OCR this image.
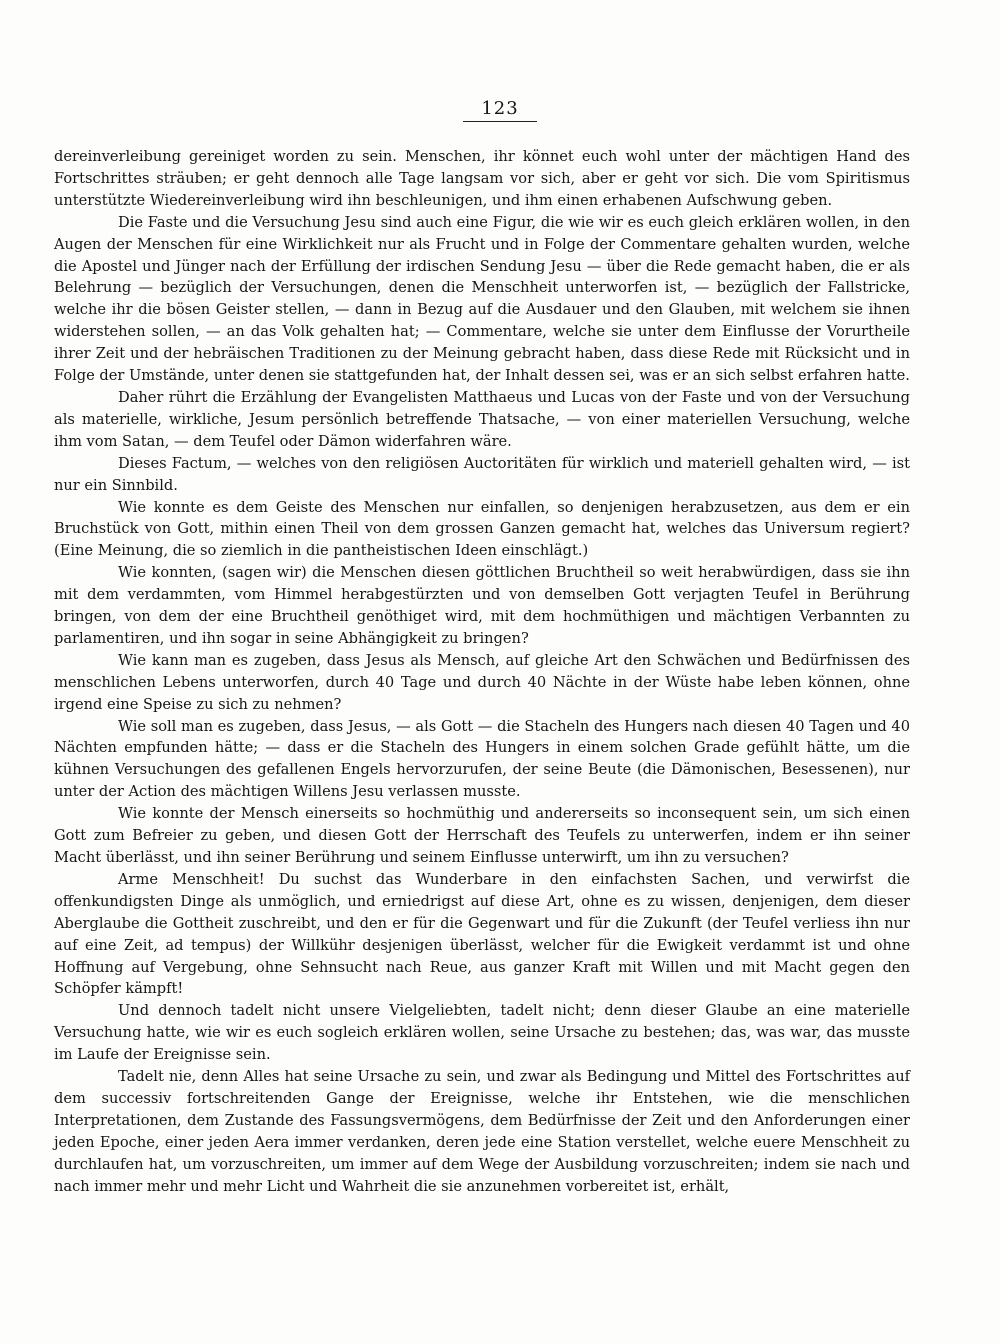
123

dereinverleibung gereiniget worden zu sein. Menschen, ihr könnet euch wohl unter der mächtigen Hand des Fortschrittes sträuben; er geht dennoch alle Tage langsam vor sich, aber er geht vor sich. Die vom Spiritismus unterstützte Wiedereinverleibung wird ihn beschleunigen, und ihm einen erhabenen Aufschwung geben.

Die Faste und die Versuchung Jesu sind auch eine Figur, die wie wir es euch gleich erklären wollen, in den Augen der Menschen für eine Wirklichkeit nur als Frucht und in Folge der Commentare gehalten wurden, welche die Apostel und Jünger nach der Erfüllung der irdischen Sendung Jesu — über die Rede gemacht haben, die er als Belehrung — bezüglich der Versuchungen, denen die Menschheit unterworfen ist, — bezüglich der Fallstricke, welche ihr die bösen Geister stellen, — dann in Bezug auf die Ausdauer und den Glauben, mit welchem sie ihnen widerstehen sollen, — an das Volk gehalten hat; — Commentare, welche sie unter dem Einflusse der Vorurtheile ihrer Zeit und der hebräischen Traditionen zu der Meinung gebracht haben, dass diese Rede mit Rücksicht und in Folge der Umstände, unter denen sie stattgefunden hat, der Inhalt dessen sei, was er an sich selbst erfahren hatte.

Daher rührt die Erzählung der Evangelisten Matthaeus und Lucas von der Faste und von der Versuchung als materielle, wirkliche, Jesum persönlich betreffende Thatsache, — von einer materiellen Versuchung, welche ihm vom Satan, — dem Teufel oder Dämon widerfahren wäre.

Dieses Factum, — welches von den religiösen Auctoritäten für wirklich und materiell gehalten wird, — ist nur ein Sinnbild.

Wie konnte es dem Geiste des Menschen nur einfallen, so denjenigen herabzusetzen, aus dem er ein Bruchstück von Gott, mithin einen Theil von dem grossen Ganzen gemacht hat, welches das Universum regiert? (Eine Meinung, die so ziemlich in die pantheistischen Ideen einschlägt.)

Wie konnten, (sagen wir) die Menschen diesen göttlichen Bruchtheil so weit herabwürdigen, dass sie ihn mit dem verdammten, vom Himmel herabgestürzten und von demselben Gott verjagten Teufel in Berührung bringen, von dem der eine Bruchtheil genöthiget wird, mit dem hochmüthigen und mächtigen Verbannten zu parlamentiren, und ihn sogar in seine Abhängigkeit zu bringen?

Wie kann man es zugeben, dass Jesus als Mensch, auf gleiche Art den Schwächen und Bedürfnissen des menschlichen Lebens unterworfen, durch 40 Tage und durch 40 Nächte in der Wüste habe leben können, ohne irgend eine Speise zu sich zu nehmen?

Wie soll man es zugeben, dass Jesus, — als Gott — die Stacheln des Hungers nach diesen 40 Tagen und 40 Nächten empfunden hätte; — dass er die Stacheln des Hungers in einem solchen Grade gefühlt hätte, um die kühnen Versuchungen des gefallenen Engels hervorzurufen, der seine Beute (die Dämonischen, Besessenen), nur unter der Action des mächtigen Willens Jesu verlassen musste.

Wie konnte der Mensch einerseits so hochmüthig und andererseits so inconsequent sein, um sich einen Gott zum Befreier zu geben, und diesen Gott der Herrschaft des Teufels zu unterwerfen, indem er ihn seiner Macht überlässt, und ihn seiner Berührung und seinem Einflusse unterwirft, um ihn zu versuchen?

Arme Menschheit! Du suchst das Wunderbare in den einfachsten Sachen, und verwirfst die offenkundigsten Dinge als unmöglich, und erniedrigst auf diese Art, ohne es zu wissen, denjenigen, dem dieser Aberglaube die Gottheit zuschreibt, und den er für die Gegenwart und für die Zukunft (der Teufel verliess ihn nur auf eine Zeit, ad tempus) der Willkühr desjenigen überlässt, welcher für die Ewigkeit verdammt ist und ohne Hoffnung auf Vergebung, ohne Sehnsucht nach Reue, aus ganzer Kraft mit Willen und mit Macht gegen den Schöpfer kämpft!

Und dennoch tadelt nicht unsere Vielgeliebten, tadelt nicht; denn dieser Glaube an eine materielle Versuchung hatte, wie wir es euch sogleich erklären wollen, seine Ursache zu bestehen; das, was war, das musste im Laufe der Ereignisse sein.

Tadelt nie, denn Alles hat seine Ursache zu sein, und zwar als Bedingung und Mittel des Fortschrittes auf dem successiv fortschreitenden Gange der Ereignisse, welche ihr Entstehen, wie die menschlichen Interpretationen, dem Zustande des Fassungsvermögens, dem Bedürfnisse der Zeit und den Anforderungen einer jeden Epoche, einer jeden Aera immer verdanken, deren jede eine Station verstellet, welche euere Menschheit zu durchlaufen hat, um vorzuschreiten, um immer auf dem Wege der Ausbildung vorzuschreiten; indem sie nach und nach immer mehr und mehr Licht und Wahrheit die sie anzunehmen vorbereitet ist, erhält,
